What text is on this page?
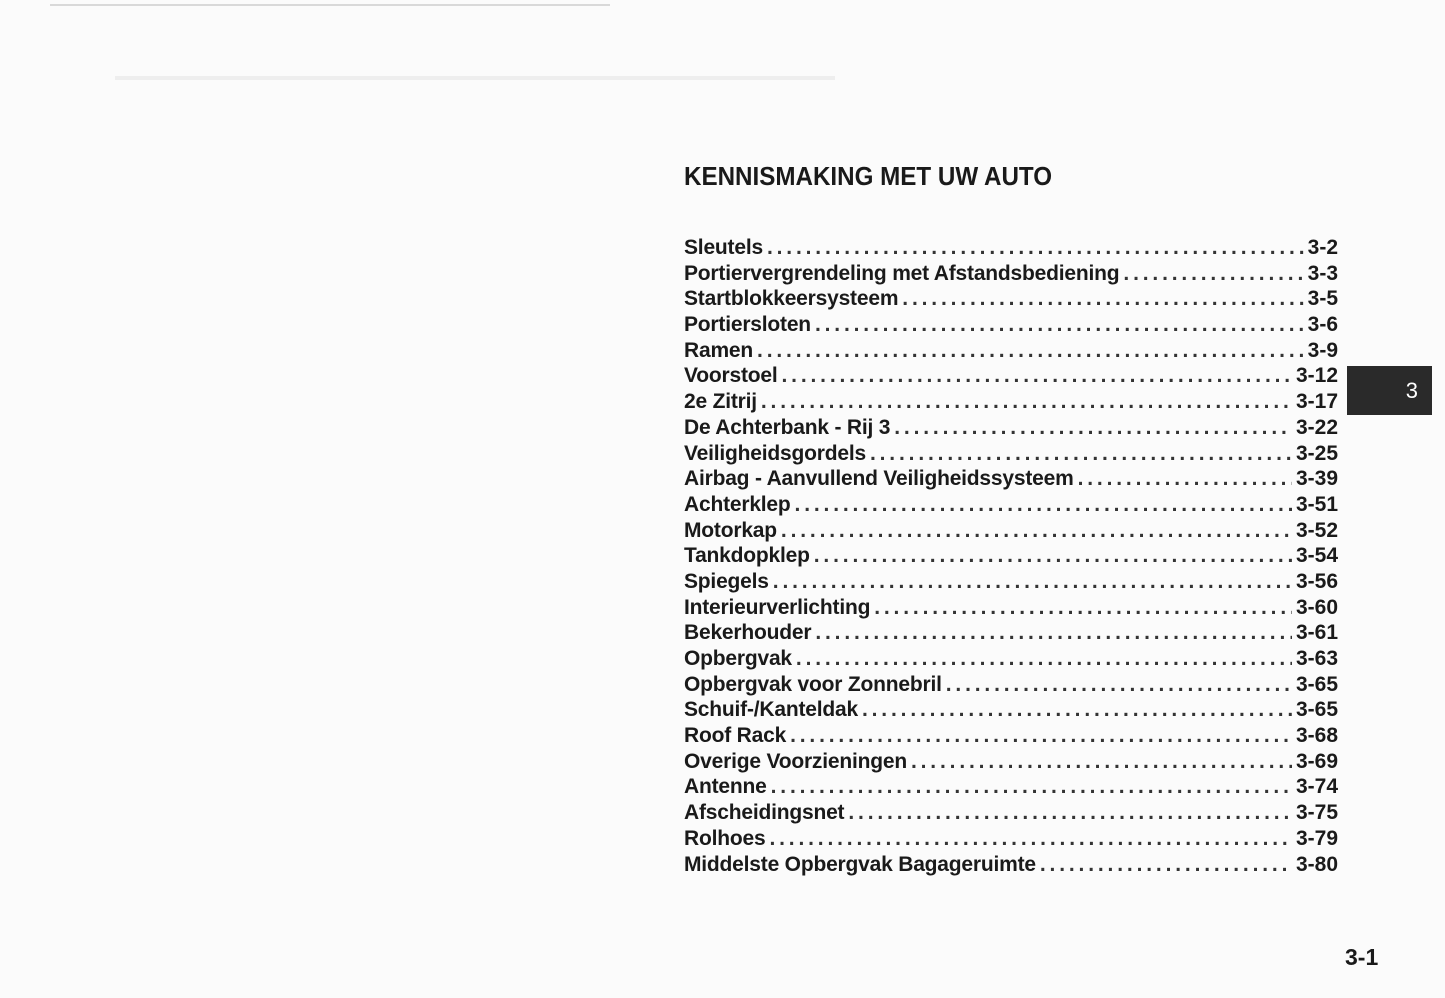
KENNISMAKING MET UW AUTO
Sleutels . . .	3-2
Portiervergrendeling met Afstandsbediening . . .	3-3
Startblokkeersysteem . . .	3-5
Portiersloten . . .	3-6
Ramen . . .	3-9
Voorstoel . . .	3-12
2e Zitrij . . .	3-17
De Achterbank - Rij 3 . . .	3-22
Veiligheidsgordels . . .	3-25
Airbag - Aanvullend Veiligheidssysteem . . .	3-39
Achterklep . . .	3-51
Motorkap . . .	3-52
Tankdopklep . . .	3-54
Spiegels . . .	3-56
Interieurverlichting . . .	3-60
Bekerhouder . . .	3-61
Opbergvak . . .	3-63
Opbergvak voor Zonnebril . . .	3-65
Schuif-/Kanteldak . . .	3-65
Roof Rack . . .	3-68
Overige Voorzieningen . . .	3-69
Antenne . . .	3-74
Afscheidingsnet . . .	3-75
Rolhoes . . .	3-79
Middelste Opbergvak Bagageruimte . . .	3-80
3
3-1
